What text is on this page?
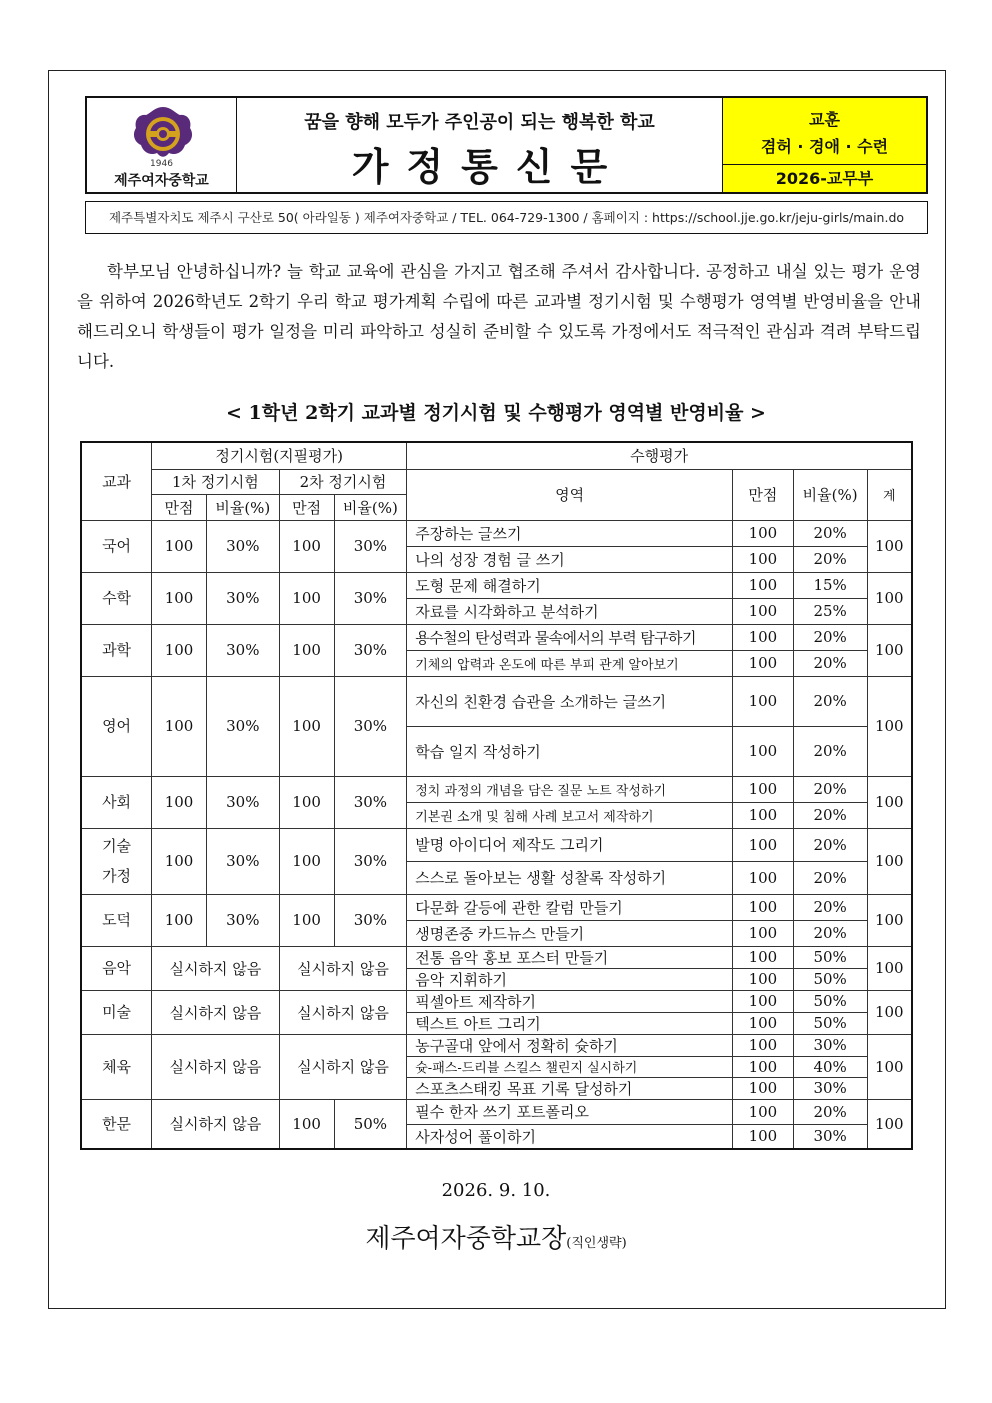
1946
제주여자중학교
꿈을 향해 모두가 주인공이 되는 행복한 학교
가정통신문
교훈
겸허 · 경애 · 수련
2026-교무부
제주특별자치도 제주시 구산로 50( 아라일동 ) 제주여자중학교 / TEL. 064-729-1300 / 홈페이지 : https://school.jje.go.kr/jeju-girls/main.do

학부모님 안녕하십니까? 늘 학교 교육에 관심을 가지고 협조해 주셔서 감사합니다. 공정하고 내실 있는 평가 운영을 위하여 2026학년도 2학기 우리 학교 평가계획 수립에 따른 교과별 정기시험 및 수행평가 영역별 반영비율을 안내해드리오니 학생들이 평가 일정을 미리 파악하고 성실히 준비할 수 있도록 가정에서도 적극적인 관심과 격려 부탁드립니다.

< 1학년 2학기 교과별 정기시험 및 수행평가 영역별 반영비율 >
교과	정기시험(지필평가)				수행평가			
	1차 정기시험		2차 정기시험		영역	만점	비율(%)	계
	만점	비율(%)	만점	비율(%)				
국어	100	30%	100	30%	주장하는 글쓰기	100	20%	100
					나의 성장 경험 글 쓰기	100	20%	
수학	100	30%	100	30%	도형 문제 해결하기	100	15%	100
					자료를 시각화하고 분석하기	100	25%	
과학	100	30%	100	30%	용수철의 탄성력과 물속에서의 부력 탐구하기	100	20%	100
					기체의 압력과 온도에 따른 부피 관계 알아보기	100	20%	
영어	100	30%	100	30%	자신의 친환경 습관을 소개하는 글쓰기	100	20%	100
					학습 일지 작성하기	100	20%	
사회	100	30%	100	30%	정치 과정의 개념을 담은 질문 노트 작성하기	100	20%	100
					기본권 소개 및 침해 사례 보고서 제작하기	100	20%	
기술
가정	100	30%	100	30%	발명 아이디어 제작도 그리기	100	20%	100
					스스로 돌아보는 생활 성찰록 작성하기	100	20%	
도덕	100	30%	100	30%	다문화 갈등에 관한 칼럼 만들기	100	20%	100
					생명존중 카드뉴스 만들기	100	20%	
음악	실시하지 않음		실시하지 않음		전통 음악 홍보 포스터 만들기	100	50%	100
					음악 지휘하기	100	50%	
미술	실시하지 않음		실시하지 않음		픽셀아트 제작하기	100	50%	100
					텍스트 아트 그리기	100	50%	
체육	실시하지 않음		실시하지 않음		농구골대 앞에서 정확히 슛하기	100	30%	100
					슛-패스-드리블 스킬스 챌린지 실시하기	100	40%	
					스포츠스태킹 목표 기록 달성하기	100	30%	
한문	실시하지 않음		100	50%	필수 한자 쓰기 포트폴리오	100	20%	100
					사자성어 풀이하기	100	30%	
2026. 9. 10.
제주여자중학교장(직인생략)
